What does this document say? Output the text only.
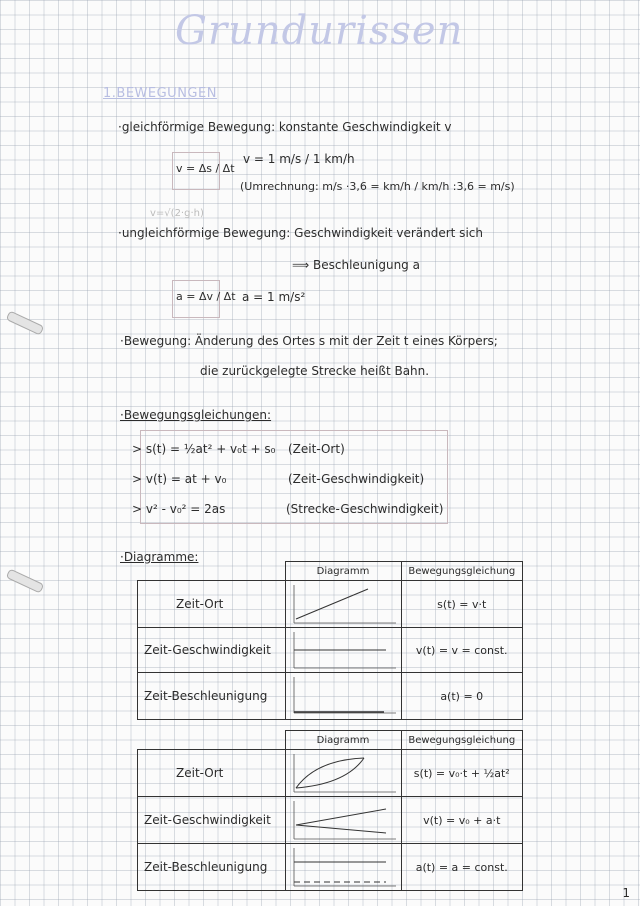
Grundurissen
1.BEWEGUNGEN
·gleichförmige Bewegung: konstante Geschwindigkeit v
v = Δs / Δt
v = 1 m/s / 1 km/h
(Umrechnung: m/s ·3,6 = km/h / km/h :3,6 = m/s)
v=√(2·g·h)
·ungleichförmige Bewegung: Geschwindigkeit verändert sich
⟹ Beschleunigung a
a = Δv / Δt a = 1 m/s²
·Bewegung: Änderung des Ortes s mit der Zeit t eines Körpers;
die zurückgelegte Strecke heißt Bahn.
·Bewegungsgleichungen:
> s(t) = ½at² + v₀t + s₀ (Zeit-Ort)
> v(t) = at + v₀	(Zeit-Geschwindigkeit)
> v² - v₀² = 2as	(Strecke-Geschwindigkeit)
·Diagramme:
	Diagramm	Bewegungsgleichung
Zeit-Ort		s(t) = v·t
Zeit-Geschwindigkeit		v(t) = v = const.
Zeit-Beschleunigung		a(t) = 0
	Diagramm	Bewegungsgleichung
Zeit-Ort		s(t) = v₀·t + ½at²
Zeit-Geschwindigkeit		v(t) = v₀ + a·t
Zeit-Beschleunigung		a(t) = a = const.
1
